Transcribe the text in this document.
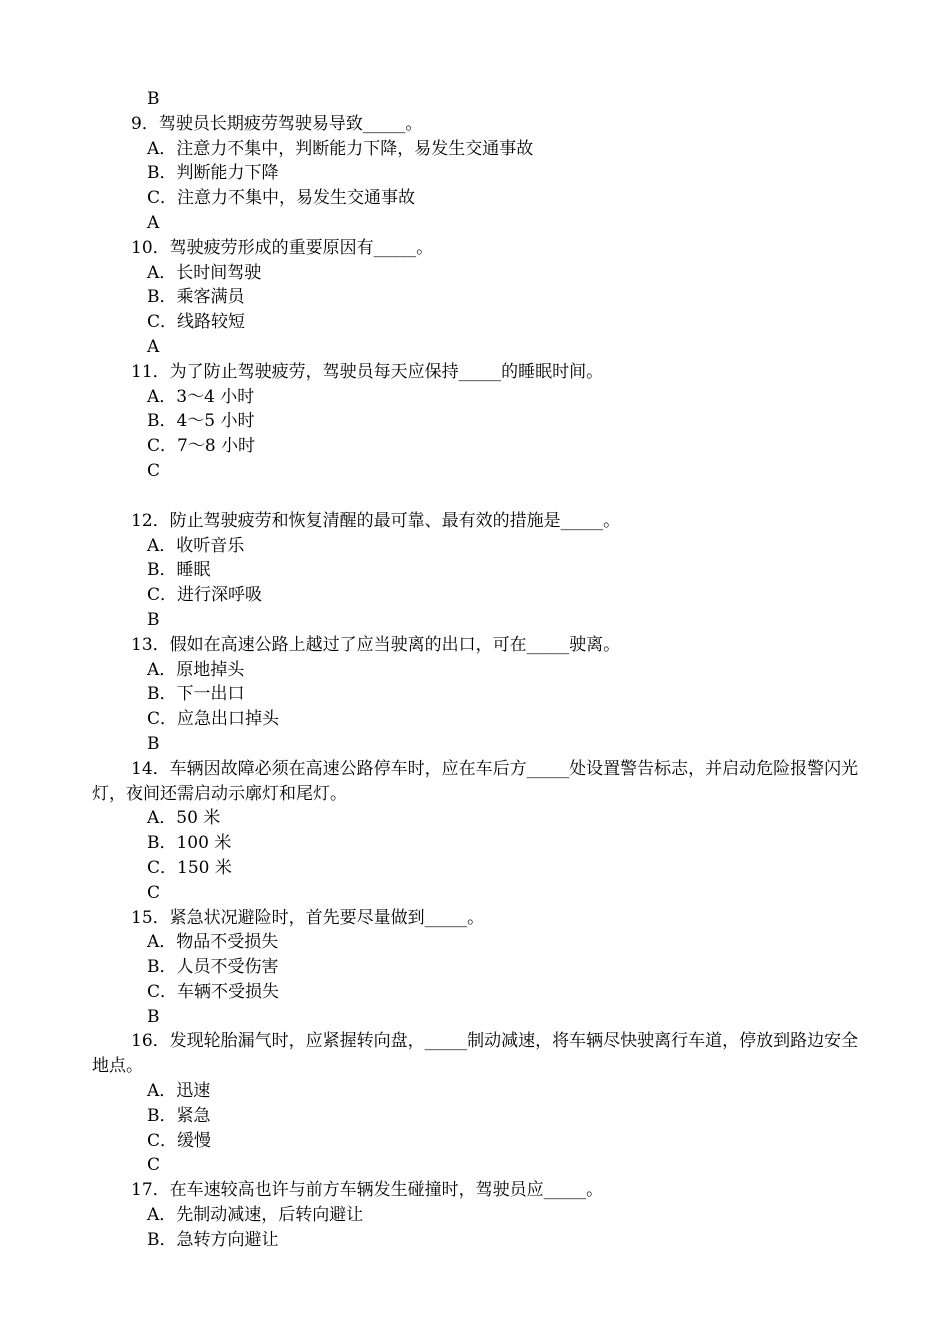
B
9．驾驶员长期疲劳驾驶易导致_____。
A．注意力不集中，判断能力下降，易发生交通事故
B．判断能力下降
C．注意力不集中，易发生交通事故
A
10．驾驶疲劳形成的重要原因有_____。
A．长时间驾驶
B．乘客满员
C．线路较短
A
11．为了防止驾驶疲劳，驾驶员每天应保持_____的睡眠时间。
A．3～4 小时
B．4～5 小时
C．7～8 小时
C
12．防止驾驶疲劳和恢复清醒的最可靠、最有效的措施是_____。
A．收听音乐
B．睡眠
C．进行深呼吸
B
13．假如在高速公路上越过了应当驶离的出口，可在_____驶离。
A．原地掉头
B．下一出口
C．应急出口掉头
B
14．车辆因故障必须在高速公路停车时，应在车后方_____处设置警告标志，并启动危险报警闪光灯，夜间还需启动示廓灯和尾灯。
A．50 米
B．100 米
C．150 米
C
15．紧急状况避险时，首先要尽量做到_____。
A．物品不受损失
B．人员不受伤害
C．车辆不受损失
B
16．发现轮胎漏气时，应紧握转向盘，_____制动减速，将车辆尽快驶离行车道，停放到路边安全地点。
A．迅速
B．紧急
C．缓慢
C
17．在车速较高也许与前方车辆发生碰撞时，驾驶员应_____。
A．先制动减速，后转向避让
B．急转方向避让
